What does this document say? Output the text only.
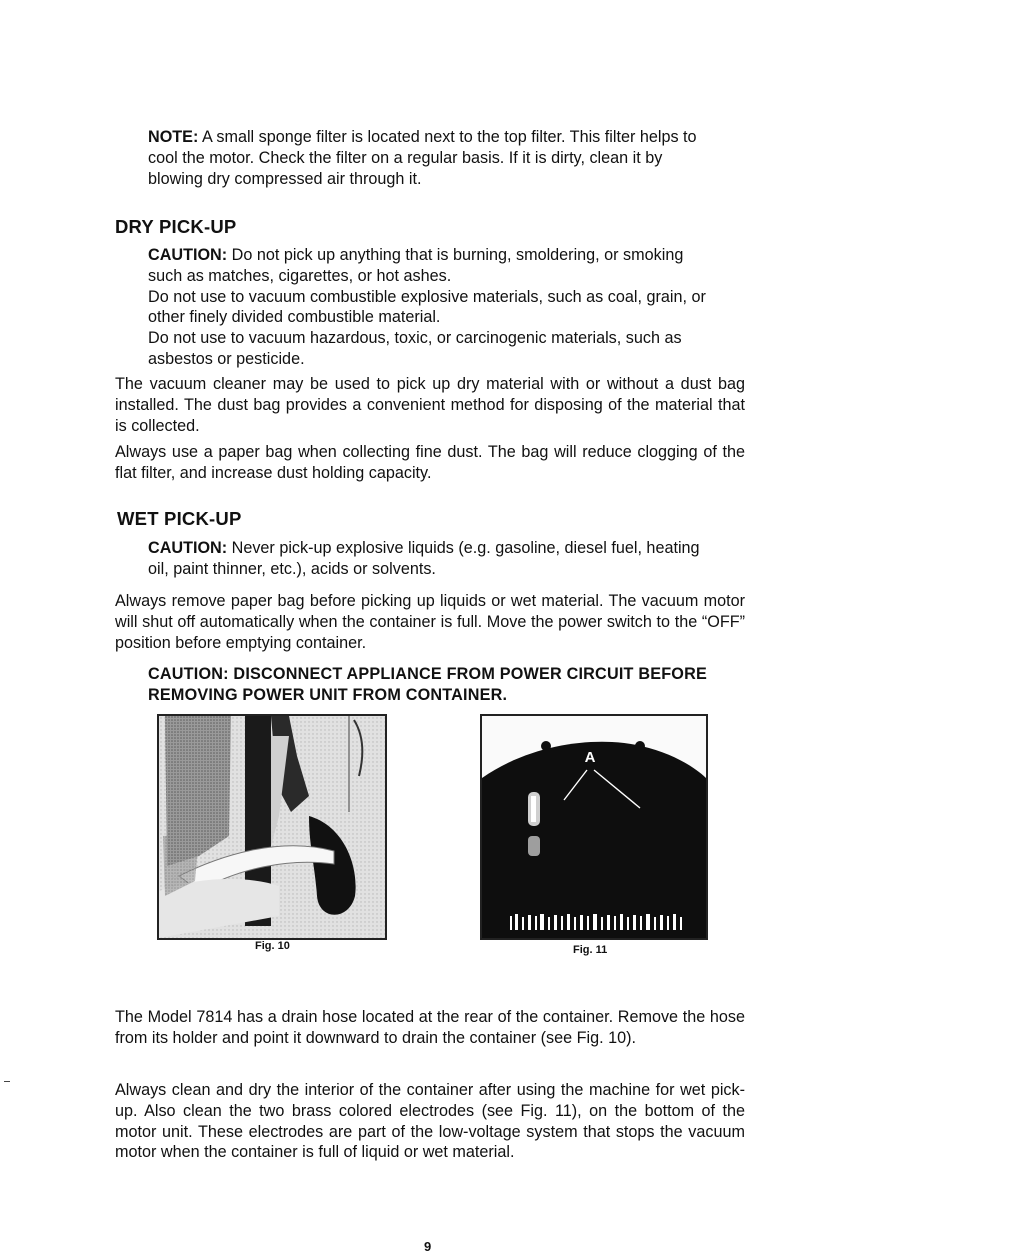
NOTE: A small sponge filter is located next to the top filter. This filter helps to cool the motor. Check the filter on a regular basis. If it is dirty, clean it by blowing dry compressed air through it.

DRY PICK-UP

CAUTION: Do not pick up anything that is burning, smoldering, or smoking such as matches, cigarettes, or hot ashes.

Do not use to vacuum combustible explosive materials, such as coal, grain, or other finely divided combustible material.

Do not use to vacuum hazardous, toxic, or carcinogenic materials, such as asbestos or pesticide.

The vacuum cleaner may be used to pick up dry material with or without a dust bag installed. The dust bag provides a convenient method for disposing of the material that is collected.

Always use a paper bag when collecting fine dust. The bag will reduce clogging of the flat filter, and increase dust holding capacity.

WET PICK-UP

CAUTION: Never pick-up explosive liquids (e.g. gasoline, diesel fuel, heating oil, paint thinner, etc.), acids or solvents.

Always remove paper bag before picking up liquids or wet material. The vacuum motor will shut off automatically when the container is full. Move the power switch to the “OFF” position before emptying container.

CAUTION: DISCONNECT APPLIANCE FROM POWER CIRCUIT BEFORE REMOVING POWER UNIT FROM CONTAINER.

A
Fig. 10	Fig. 11

The Model 7814 has a drain hose located at the rear of the container. Remove the hose from its holder and point it downward to drain the container (see Fig. 10).

Always clean and dry the interior of the container after using the machine for wet pick-up. Also clean the two brass colored electrodes (see Fig. 11), on the bottom of the motor unit. These electrodes are part of the low-voltage system that stops the vacuum motor when the container is full of liquid or wet material.

9
